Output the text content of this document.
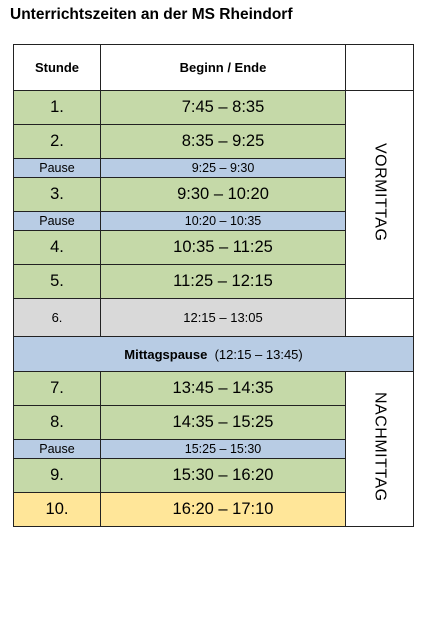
Unterrichtszeiten an der MS Rheindorf
Stunde	Beginn / Ende	
1.	7:45 – 8:35	VORMITTAG
2.	8:35 – 9:25	
Pause	9:25 – 9:30	
3.	9:30 – 10:20	
Pause	10:20 – 10:35	
4.	10:35 – 11:25	
5.	11:25 – 12:15	
6.	12:15 – 13:05	
Mittagspause (12:15 – 13:45)		
7.	13:45 – 14:35	NACHMITTAG
8.	14:35 – 15:25	
Pause	15:25 – 15:30	
9.	15:30 – 16:20	
10.	16:20 – 17:10	
